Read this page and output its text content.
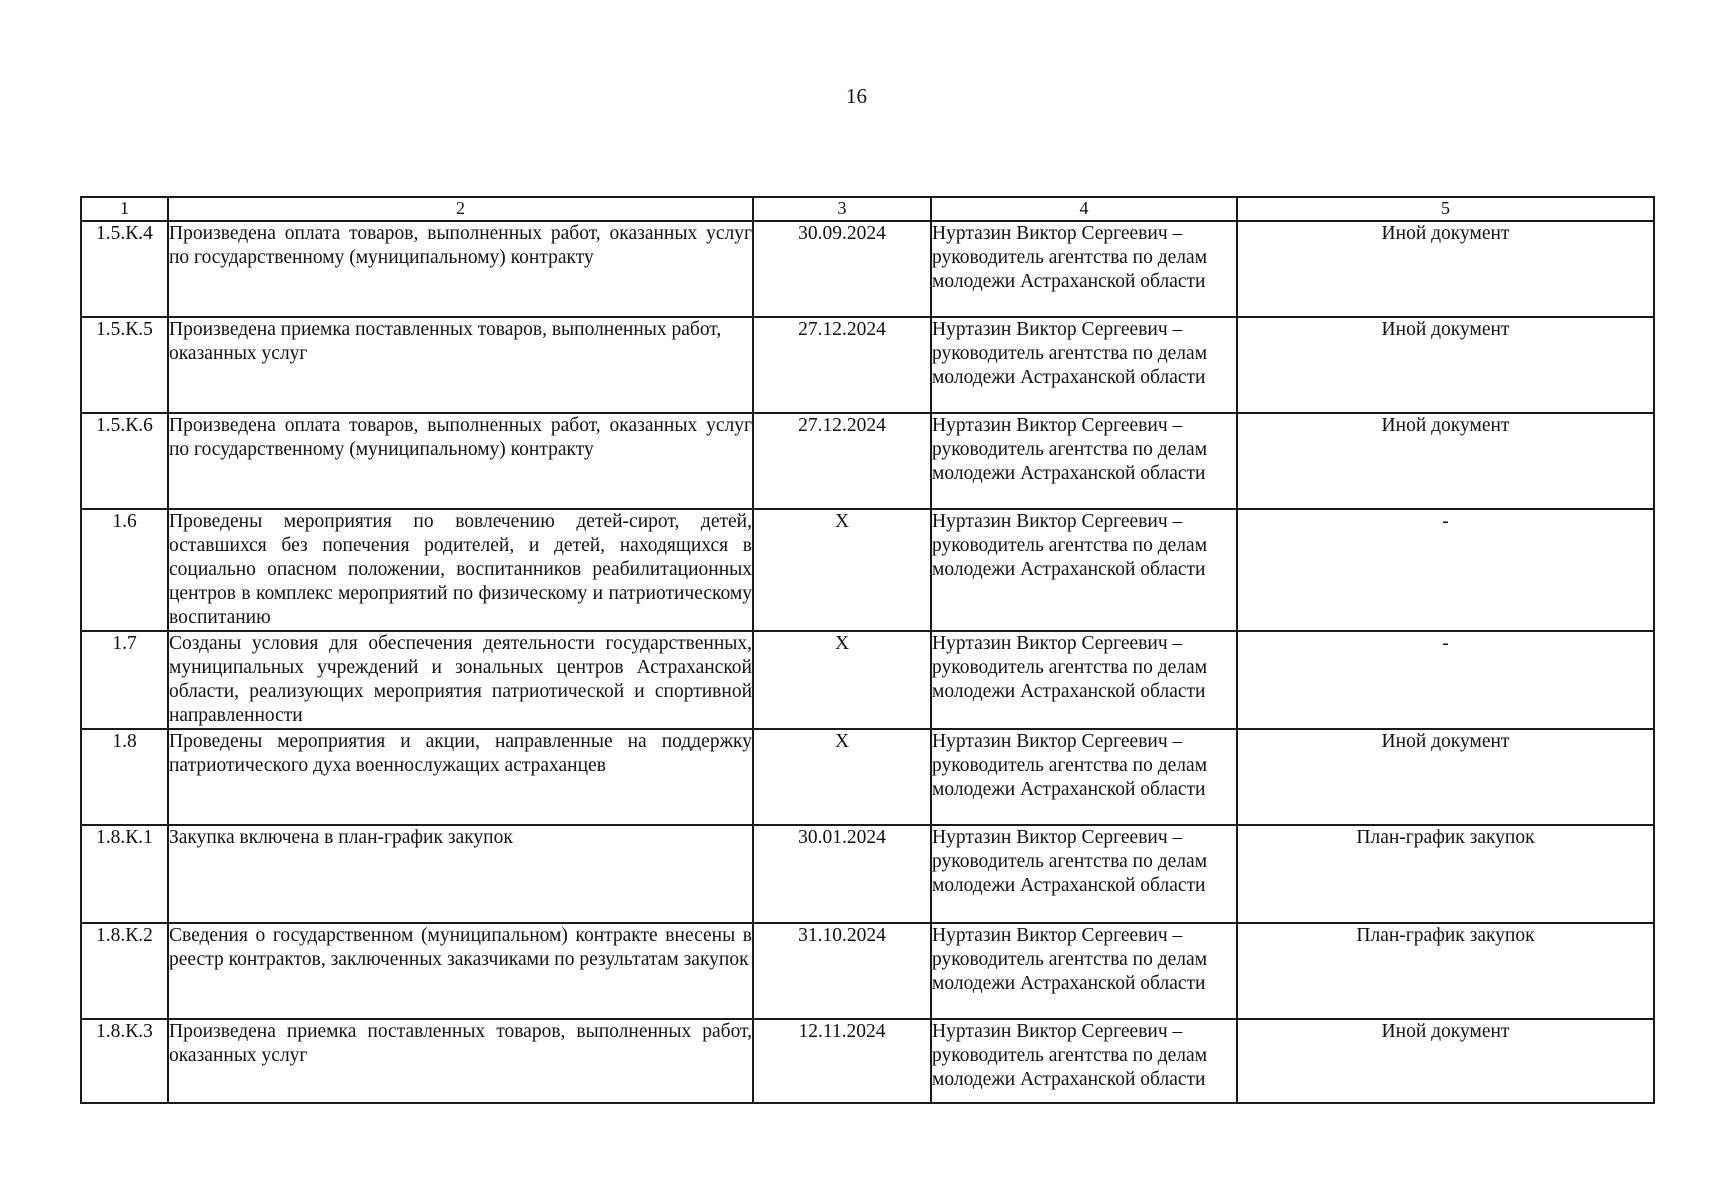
16
1	2	3	4	5
1.5.К.4	Произведена оплата товаров, выполненных работ, оказанных услуг по государственному (муниципальному) контракту	30.09.2024	Нуртазин Виктор Сергеевич – руководитель агентства по делам молодежи Астраханской области	Иной документ
1.5.К.5	Произведена приемка поставленных товаров, выполненных работ, оказанных услуг	27.12.2024	Нуртазин Виктор Сергеевич – руководитель агентства по делам молодежи Астраханской области	Иной документ
1.5.К.6	Произведена оплата товаров, выполненных работ, оказанных услуг по государственному (муниципальному) контракту	27.12.2024	Нуртазин Виктор Сергеевич – руководитель агентства по делам молодежи Астраханской области	Иной документ
1.6	Проведены мероприятия по вовлечению детей-сирот, детей, оставшихся без попечения родителей, и детей, находящихся в социально опасном положении, воспитанников реабилитационных центров в комплекс мероприятий по физическому и патриотическому воспитанию	Х	Нуртазин Виктор Сергеевич – руководитель агентства по делам молодежи Астраханской области	-
1.7	Созданы условия для обеспечения деятельности государственных, муниципальных учреждений и зональных центров Астраханской области, реализующих мероприятия патриотической и спортивной направленности	Х	Нуртазин Виктор Сергеевич – руководитель агентства по делам молодежи Астраханской области	-
1.8	Проведены мероприятия и акции, направленные на поддержку патриотического духа военнослужащих астраханцев	Х	Нуртазин Виктор Сергеевич – руководитель агентства по делам молодежи Астраханской области	Иной документ
1.8.К.1	Закупка включена в план-график закупок	30.01.2024	Нуртазин Виктор Сергеевич – руководитель агентства по делам молодежи Астраханской области	План-график закупок
1.8.К.2	Сведения о государственном (муниципальном) контракте внесены в реестр контрактов, заключенных заказчиками по результатам закупок	31.10.2024	Нуртазин Виктор Сергеевич – руководитель агентства по делам молодежи Астраханской области	План-график закупок
1.8.К.3	Произведена приемка поставленных товаров, выполненных работ, оказанных услуг	12.11.2024	Нуртазин Виктор Сергеевич – руководитель агентства по делам молодежи Астраханской области	Иной документ
